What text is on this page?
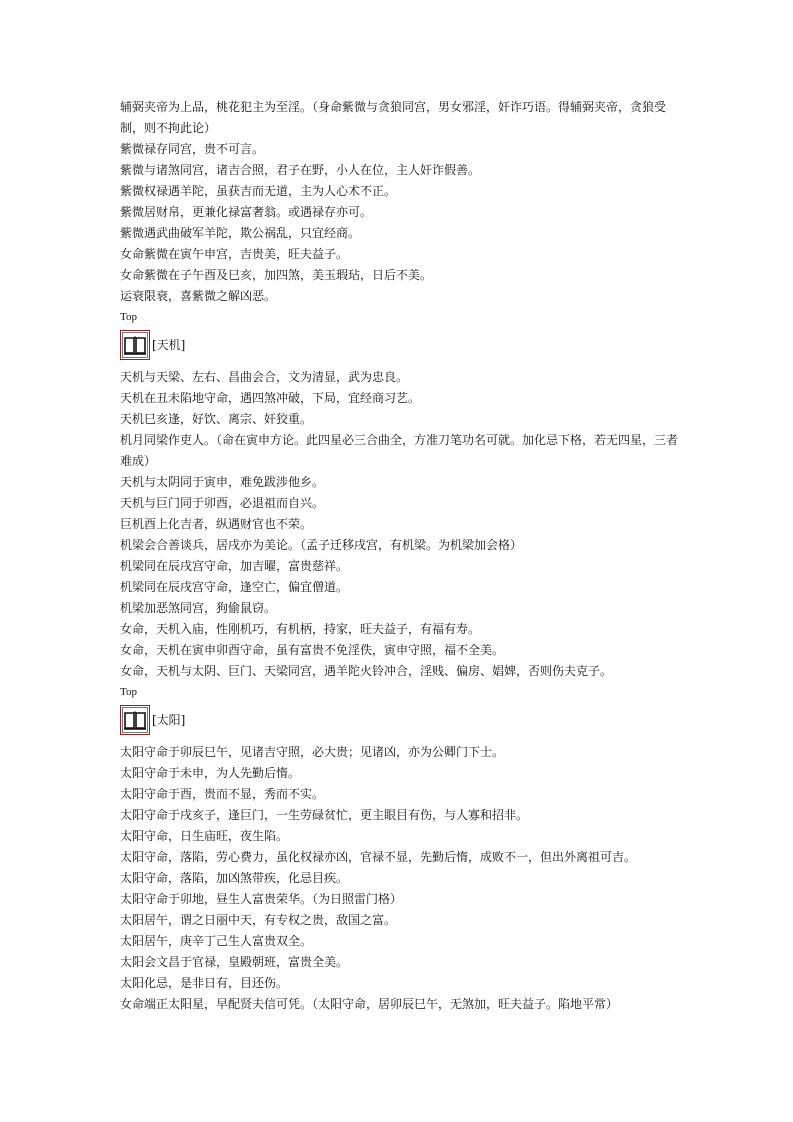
辅弼夹帝为上品，桃花犯主为至淫。（身命紫微与贪狼同宫，男女邪淫，奸诈巧语。得辅弼夹帝，贪狼受制，则不拘此论）

紫微禄存同宫，贵不可言。

紫微与诸煞同宫，诸吉合照，君子在野，小人在位，主人奸诈假善。

紫微权禄遇羊陀，虽获吉而无道，主为人心术不正。

紫微居财帛，更兼化禄富奢翁。或遇禄存亦可。

紫微遇武曲破军羊陀，欺公祸乱，只宜经商。

女命紫微在寅午申宫，吉贵美，旺夫益子。

女命紫微在子午酉及巳亥，加四煞，美玉瑕玷，日后不美。

运衰限衰，喜紫微之解凶恶。

Top
[天机]

天机与天梁、左右、昌曲会合，文为清显，武为忠良。

天机在丑未陷地守命，遇四煞冲破，下局，宜经商习艺。

天机巳亥逢，好饮、离宗、奸狡重。

机月同梁作吏人。（命在寅申方论。此四星必三合曲全，方准刀笔功名可就。加化忌下格，若无四星，三者难成）

天机与太阴同于寅申，难免跋涉他乡。

天机与巨门同于卯酉，必退祖而自兴。

巨机酉上化吉者，纵遇财官也不荣。

机梁会合善谈兵，居戌亦为美论。（孟子迁移戌宫，有机梁。为机梁加会格）

机梁同在辰戌宫守命，加吉曜，富贵慈祥。

机梁同在辰戌宫守命，逢空亡，偏宜僧道。

机梁加恶煞同宫，狗偷鼠窃。

女命，天机入庙，性刚机巧，有机柄，持家，旺夫益子，有福有寿。

女命，天机在寅申卯酉守命，虽有富贵不免淫佚，寅申守照，福不全美。

女命，天机与太阴、巨门、天梁同宫，遇羊陀火铃冲合，淫贱、偏房、娼婢，否则伤夫克子。

Top
[太阳]

太阳守命于卯辰巳午，见诸吉守照，必大贵；见诸凶，亦为公卿门下士。

太阳守命于未申，为人先勤后惰。

太阳守命于酉，贵而不显，秀而不实。

太阳守命于戌亥子，逢巨门，一生劳碌贫忙，更主眼目有伤，与人寡和招非。

太阳守命，日生庙旺，夜生陷。

太阳守命，落陷，劳心费力，虽化权禄亦凶，官禄不显，先勤后惰，成败不一，但出外离祖可吉。

太阳守命，落陷，加凶煞带疾，化忌目疾。

太阳守命于卯地，昼生人富贵荣华。（为日照雷门格）

太阳居午，谓之日丽中天，有专权之贵，敌国之富。

太阳居午，庚辛丁己生人富贵双全。

太阳会文昌于官禄，皇殿朝班，富贵全美。

太阳化忌，是非日有，目还伤。

女命端正太阳星，早配贤夫信可凭。（太阳守命，居卯辰巳午，无煞加，旺夫益子。陷地平常）
